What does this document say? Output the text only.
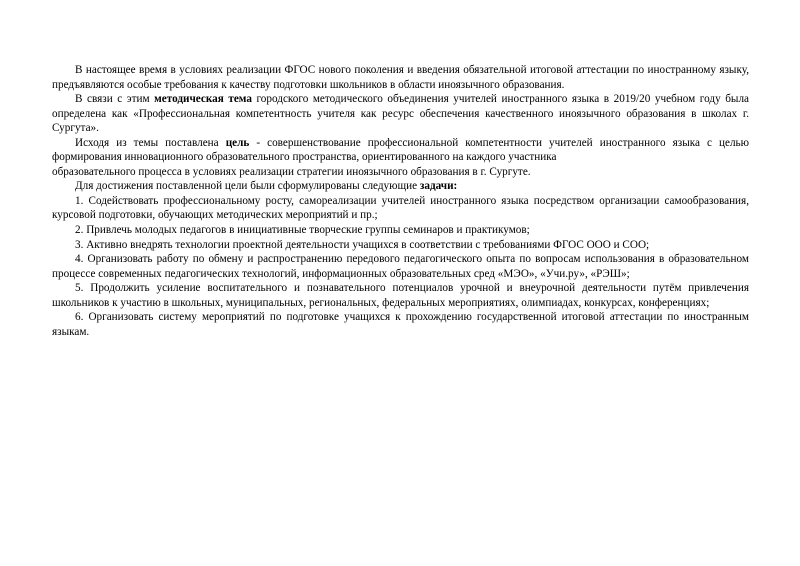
В настоящее время в условиях реализации ФГОС нового поколения и введения обязательной итоговой аттестации по иностранному языку, предъявляются особые требования к качеству подготовки школьников в области иноязычного образования.

В связи с этим методическая тема городского методического объединения учителей иностранного языка в 2019/20 учебном году была определена как «Профессиональная компетентность учителя как ресурс обеспечения качественного иноязычного образования в школах г. Сургута».

Исходя из темы поставлена цель - совершенствование профессиональной компетентности учителей иностранного языка с целью формирования инновационного образовательного пространства, ориентированного на каждого участника
образовательного процесса в условиях реализации стратегии иноязычного образования в г. Сургуте.

Для достижения поставленной цели были сформулированы следующие задачи:

1. Содействовать профессиональному росту, самореализации учителей иностранного языка посредством организации самообразования, курсовой подготовки, обучающих методических мероприятий и пр.;

2. Привлечь молодых педагогов в инициативные творческие группы семинаров и практикумов;

3. Активно внедрять технологии проектной деятельности учащихся в соответствии с требованиями ФГОС ООО и СОО;

4. Организовать работу по обмену и распространению передового педагогического опыта по вопросам использования в образовательном процессе современных педагогических технологий, информационных образовательных сред «МЭО», «Учи.ру», «РЭШ»;

5. Продолжить усиление воспитательного и познавательного потенциалов урочной и внеурочной деятельности путём привлечения школьников к участию в школьных, муниципальных, региональных, федеральных мероприятиях, олимпиадах, конкурсах, конференциях;

6. Организовать систему мероприятий по подготовке учащихся к прохождению государственной итоговой аттестации по иностранным языкам.
